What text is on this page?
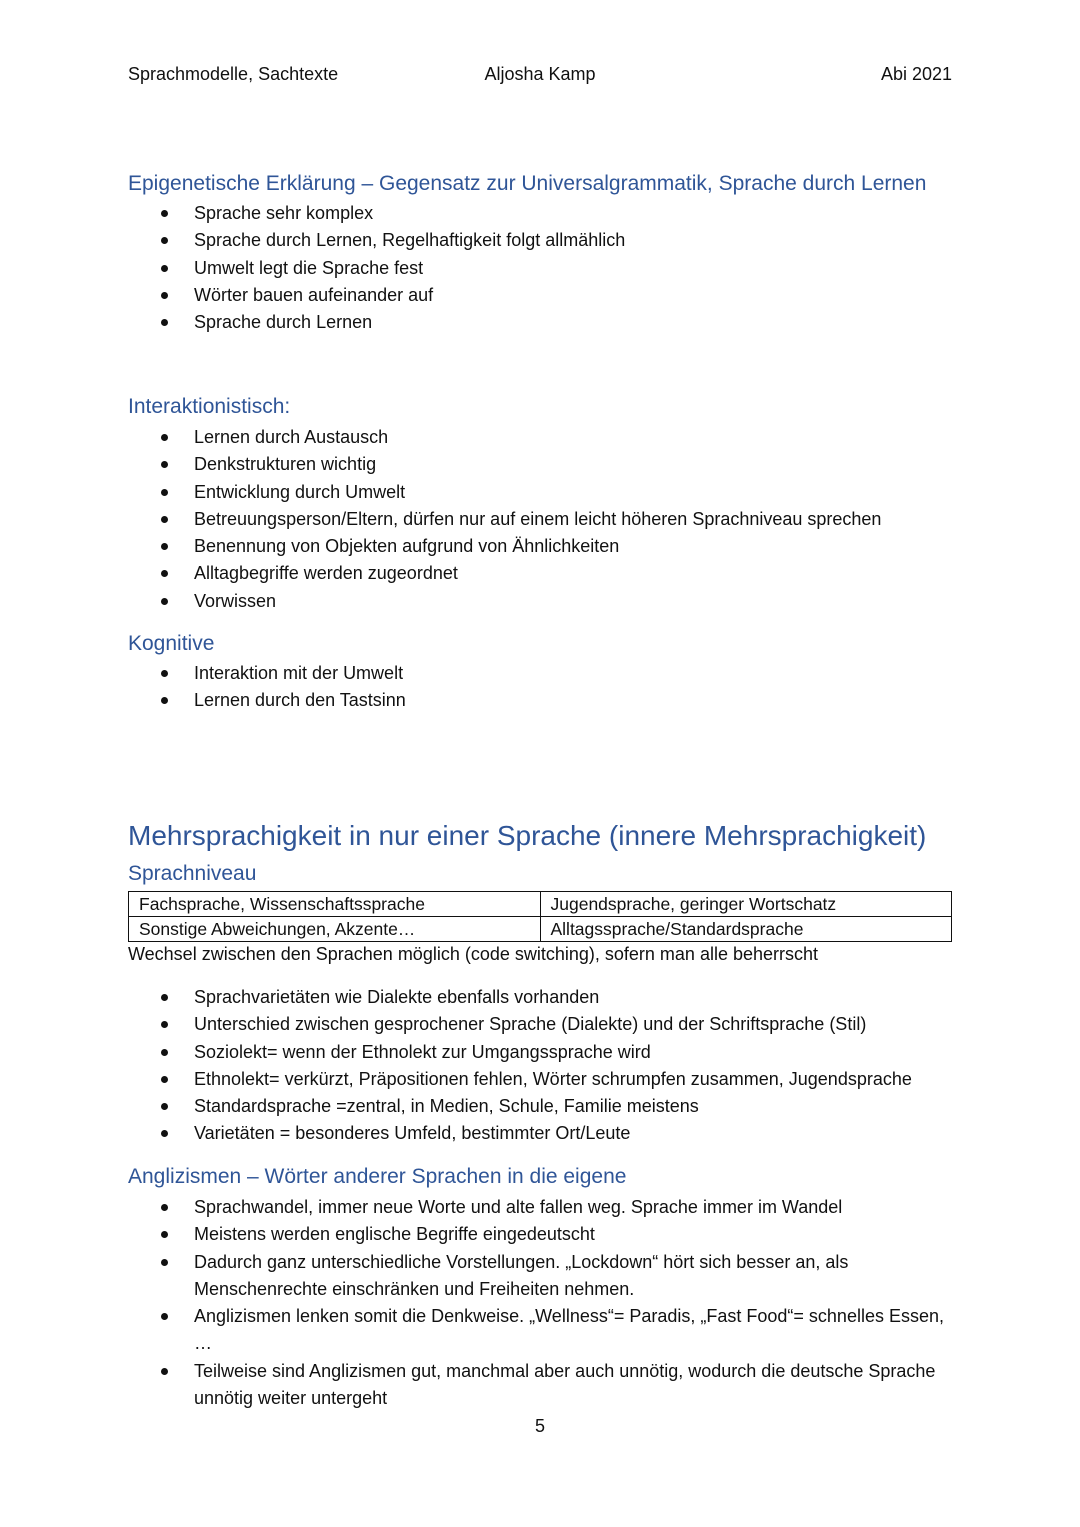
Sprachmodelle, Sachtexte	Aljosha Kamp	Abi 2021
Epigenetische Erklärung – Gegensatz zur Universalgrammatik, Sprache durch Lernen
Sprache sehr komplex
Sprache durch Lernen, Regelhaftigkeit folgt allmählich
Umwelt legt die Sprache fest
Wörter bauen aufeinander auf
Sprache durch Lernen
Interaktionistisch:
Lernen durch Austausch
Denkstrukturen wichtig
Entwicklung durch Umwelt
Betreuungsperson/Eltern, dürfen nur auf einem leicht höheren Sprachniveau sprechen
Benennung von Objekten aufgrund von Ähnlichkeiten
Alltagbegriffe werden zugeordnet
Vorwissen
Kognitive
Interaktion mit der Umwelt
Lernen durch den Tastsinn
Mehrsprachigkeit in nur einer Sprache (innere Mehrsprachigkeit)
Sprachniveau
Fachsprache, Wissenschaftssprache	Jugendsprache, geringer Wortschatz
Sonstige Abweichungen, Akzente…	Alltagssprache/Standardsprache
Wechsel zwischen den Sprachen möglich (code switching), sofern man alle beherrscht
Sprachvarietäten wie Dialekte ebenfalls vorhanden
Unterschied zwischen gesprochener Sprache (Dialekte) und der Schriftsprache (Stil)
Soziolekt= wenn der Ethnolekt zur Umgangssprache wird
Ethnolekt= verkürzt, Präpositionen fehlen, Wörter schrumpfen zusammen, Jugendsprache
Standardsprache =zentral, in Medien, Schule, Familie meistens
Varietäten = besonderes Umfeld, bestimmter Ort/Leute
Anglizismen – Wörter anderer Sprachen in die eigene
Sprachwandel, immer neue Worte und alte fallen weg. Sprache immer im Wandel
Meistens werden englische Begriffe eingedeutscht
Dadurch ganz unterschiedliche Vorstellungen. „Lockdown“ hört sich besser an, als Menschenrechte einschränken und Freiheiten nehmen.
Anglizismen lenken somit die Denkweise. „Wellness“= Paradis, „Fast Food“= schnelles Essen, …
Teilweise sind Anglizismen gut, manchmal aber auch unnötig, wodurch die deutsche Sprache unnötig weiter untergeht
5
